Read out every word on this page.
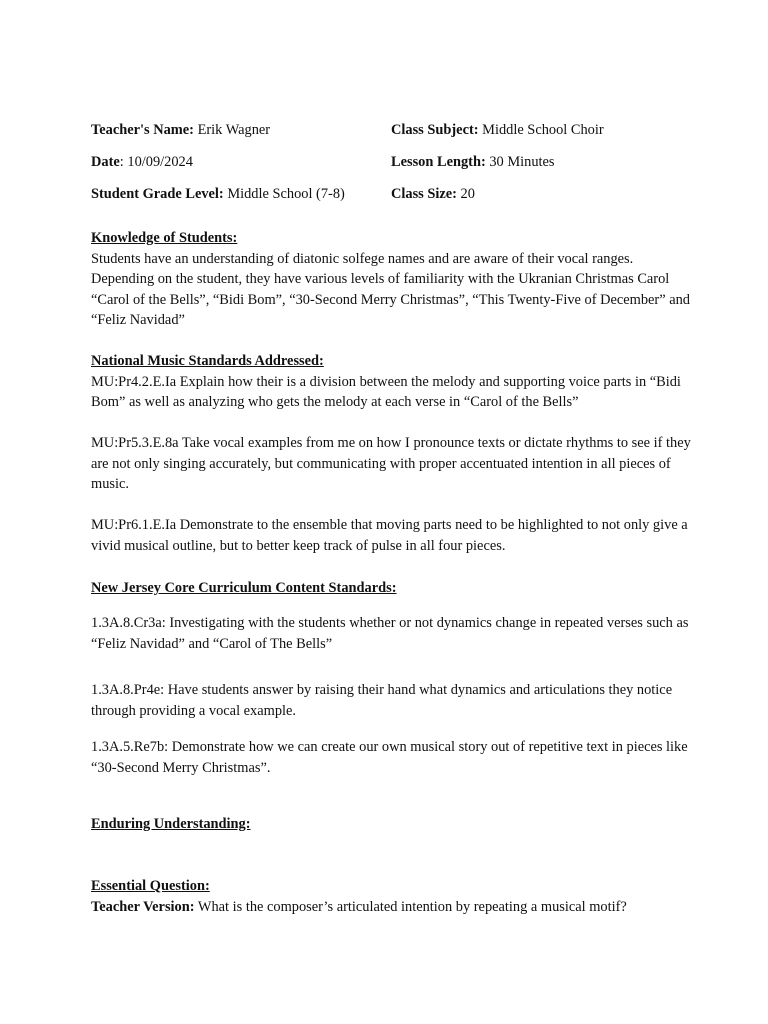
Teacher's Name: Erik Wagner	Class Subject: Middle School Choir
Date: 10/09/2024	Lesson Length: 30 Minutes
Student Grade Level: Middle School (7-8)	Class Size: 20
Knowledge of Students:
Students have an understanding of diatonic solfege names and are aware of their vocal ranges. Depending on the student, they have various levels of familiarity with the Ukranian Christmas Carol “Carol of the Bells”, “Bidi Bom”, “30-Second Merry Christmas”, “This Twenty-Five of December” and “Feliz Navidad”
National Music Standards Addressed:
MU:Pr4.2.E.Ia Explain how their is a division between the melody and supporting voice parts in “Bidi Bom” as well as analyzing who gets the melody at each verse in “Carol of the Bells”
MU:Pr5.3.E.8a Take vocal examples from me on how I pronounce texts or dictate rhythms to see if they are not only singing accurately, but communicating with proper accentuated intention in all pieces of music.
MU:Pr6.1.E.Ia Demonstrate to the ensemble that moving parts need to be highlighted to not only give a vivid musical outline, but to better keep track of pulse in all four pieces.
New Jersey Core Curriculum Content Standards:
1.3A.8.Cr3a: Investigating with the students whether or not dynamics change in repeated verses such as “Feliz Navidad” and “Carol of The Bells”
1.3A.8.Pr4e: Have students answer by raising their hand what dynamics and articulations they notice through providing a vocal example.
1.3A.5.Re7b: Demonstrate how we can create our own musical story out of repetitive text in pieces like “30-Second Merry Christmas”.
Enduring Understanding:
Essential Question:
Teacher Version: What is the composer’s articulated intention by repeating a musical motif?
